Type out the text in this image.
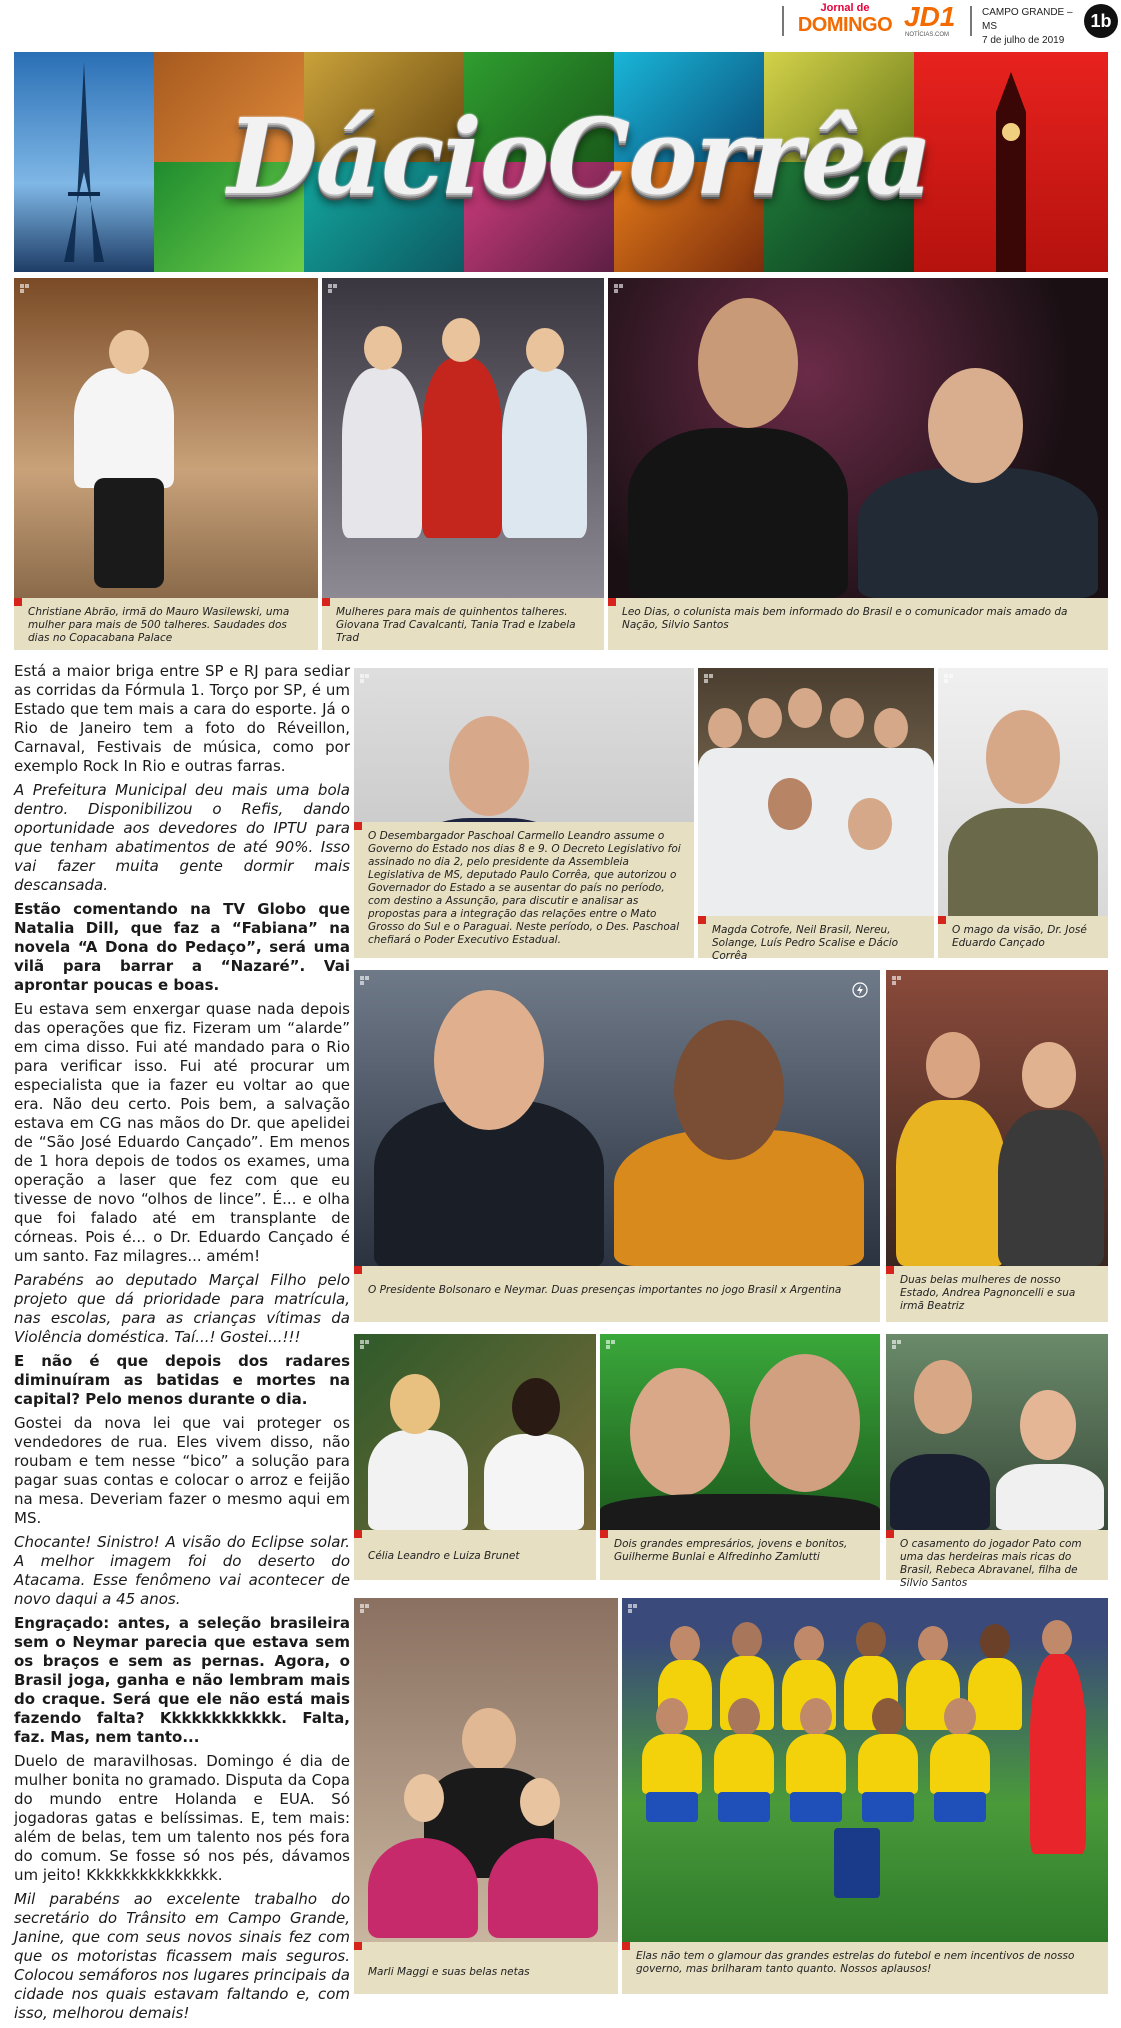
Jornal de
DOMINGO JD1
NOTÍCIAS.COM
CAMPO GRANDE – MS
7 de julho de 2019
1b
DácioCorrêa
Christiane Abrão, irmã do Mauro Wasilewski, uma mulher para mais de 500 talheres. Saudades dos dias no Copacabana Palace
Mulheres para mais de quinhentos talheres. Giovana Trad Cavalcanti, Tania Trad e Izabela Trad
Leo Dias, o colunista mais bem informado do Brasil e o comunicador mais amado da Nação, Silvio Santos

Está a maior briga entre SP e RJ para sediar as corridas da Fórmula 1. Torço por SP, é um Estado que tem mais a cara do esporte. Já o Rio de Janeiro tem a foto do Réveillon, Carnaval, Festivais de música, como por exemplo Rock In Rio e outras farras.

A Prefeitura Municipal deu mais uma bola dentro. Disponibilizou o Refis, dando oportunidade aos devedores do IPTU para que tenham abatimentos de até 90%. Isso vai fazer muita gente dormir mais descansada.

Estão comentando na TV Globo que Natalia Dill, que faz a “Fabiana” na novela “A Dona do Pedaço”, será uma vilã para barrar a “Nazaré”. Vai aprontar poucas e boas.

Eu estava sem enxergar quase nada depois das operações que fiz. Fizeram um “alarde” em cima disso. Fui até mandado para o Rio para verificar isso. Fui até procurar um especialista que ia fazer eu voltar ao que era. Não deu certo. Pois bem, a salvação estava em CG nas mãos do Dr. que apelidei de “São José Eduardo Cançado”. Em menos de 1 hora depois de todos os exames, uma operação a laser que fez com que eu tivesse de novo “olhos de lince”. É... e olha que foi falado até em transplante de córneas. Pois é... o Dr. Eduardo Cançado é um santo. Faz milagres... amém!

Parabéns ao deputado Marçal Filho pelo projeto que dá prioridade para matrícula, nas escolas, para as crianças vítimas da Violência doméstica. Taí...! Gostei...!!!

E não é que depois dos radares diminuíram as batidas e mortes na capital? Pelo menos durante o dia.

Gostei da nova lei que vai proteger os vendedores de rua. Eles vivem disso, não roubam e tem nesse “bico” a solução para pagar suas contas e colocar o arroz e feijão na mesa. Deveriam fazer o mesmo aqui em MS.

Chocante! Sinistro! A visão do Eclipse solar. A melhor imagem foi do deserto do Atacama. Esse fenômeno vai acontecer de novo daqui a 45 anos.

Engraçado: antes, a seleção brasileira sem o Neymar parecia que estava sem os braços e sem as pernas. Agora, o Brasil joga, ganha e não lembram mais do craque. Será que ele não está mais fazendo falta? Kkkkkkkkkkkk. Falta, faz. Mas, nem tanto...

Duelo de maravilhosas. Domingo é dia de mulher bonita no gramado. Disputa da Copa do mundo entre Holanda e EUA. Só jogadoras gatas e belíssimas. E, tem mais: além de belas, tem um talento nos pés fora do comum. Se fosse só nos pés, dávamos um jeito! Kkkkkkkkkkkkkkk.

Mil parabéns ao excelente trabalho do secretário do Trânsito em Campo Grande, Janine, que com seus novos sinais fez com que os motoristas ficassem mais seguros. Colocou semáforos nos lugares principais da cidade nos quais estavam faltando e, com isso, melhorou demais!

O Desembargador Paschoal Carmello Leandro assume o Governo do Estado nos dias 8 e 9. O Decreto Legislativo foi assinado no dia 2, pelo presidente da Assembleia Legislativa de MS, deputado Paulo Corrêa, que autorizou o Governador do Estado a se ausentar do país no período, com destino a Assunção, para discutir e analisar as propostas para a integração das relações entre o Mato Grosso do Sul e o Paraguai. Neste período, o Des. Paschoal chefiará o Poder Executivo Estadual.
Magda Cotrofe, Neil Brasil, Nereu, Solange, Luís Pedro Scalise e Dácio Corrêa
O mago da visão, Dr. José Eduardo Cançado
O Presidente Bolsonaro e Neymar. Duas presenças importantes no jogo Brasil x Argentina
Duas belas mulheres de nosso Estado, Andrea Pagnoncelli e sua irmã Beatriz
Célia Leandro e Luiza Brunet
Dois grandes empresários, jovens e bonitos, Guilherme Bunlai e Alfredinho Zamlutti
O casamento do jogador Pato com uma das herdeiras mais ricas do Brasil, Rebeca Abravanel, filha de Silvio Santos
Marli Maggi e suas belas netas
Elas não tem o glamour das grandes estrelas do futebol e nem incentivos de nosso governo, mas brilharam tanto quanto. Nossos aplausos!
